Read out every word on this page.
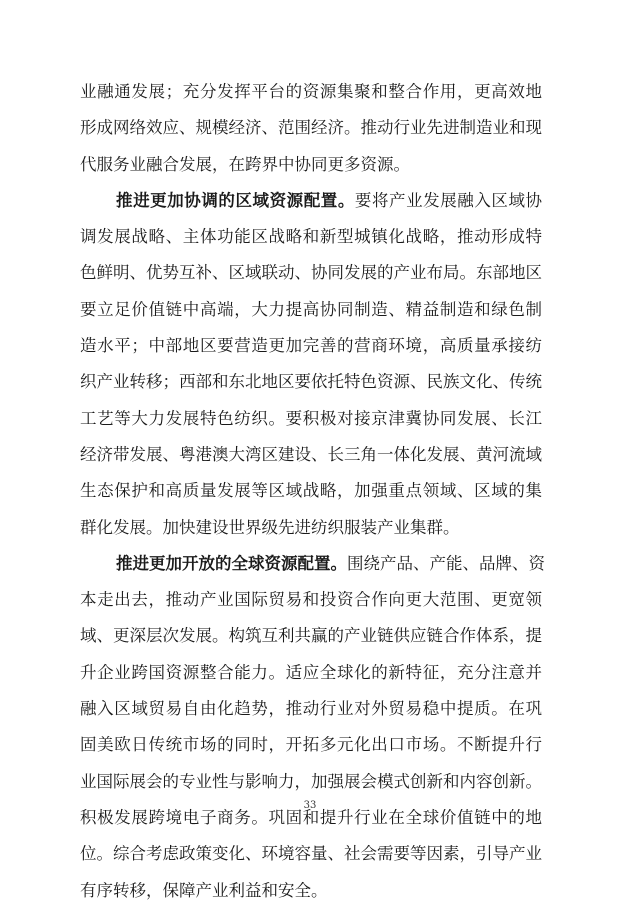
业融通发展；充分发挥平台的资源集聚和整合作用，更高效地
形成网络效应、规模经济、范围经济。推动行业先进制造业和现
代服务业融合发展，在跨界中协同更多资源。
推进更加协调的区域资源配置。要将产业发展融入区域协
调发展战略、主体功能区战略和新型城镇化战略，推动形成特
色鲜明、优势互补、区域联动、协同发展的产业布局。东部地区
要立足价值链中高端，大力提高协同制造、精益制造和绿色制
造水平；中部地区要营造更加完善的营商环境，高质量承接纺
织产业转移；西部和东北地区要依托特色资源、民族文化、传统
工艺等大力发展特色纺织。要积极对接京津冀协同发展、长江
经济带发展、粤港澳大湾区建设、长三角一体化发展、黄河流域
生态保护和高质量发展等区域战略，加强重点领域、区域的集
群化发展。加快建设世界级先进纺织服装产业集群。
推进更加开放的全球资源配置。围绕产品、产能、品牌、资
本走出去，推动产业国际贸易和投资合作向更大范围、更宽领
域、更深层次发展。构筑互利共赢的产业链供应链合作体系，提
升企业跨国资源整合能力。适应全球化的新特征，充分注意并
融入区域贸易自由化趋势，推动行业对外贸易稳中提质。在巩
固美欧日传统市场的同时，开拓多元化出口市场。不断提升行
业国际展会的专业性与影响力，加强展会模式创新和内容创新。
积极发展跨境电子商务。巩固和提升行业在全球价值链中的地
位。综合考虑政策变化、环境容量、社会需要等因素，引导产业
有序转移，保障产业利益和安全。
33
